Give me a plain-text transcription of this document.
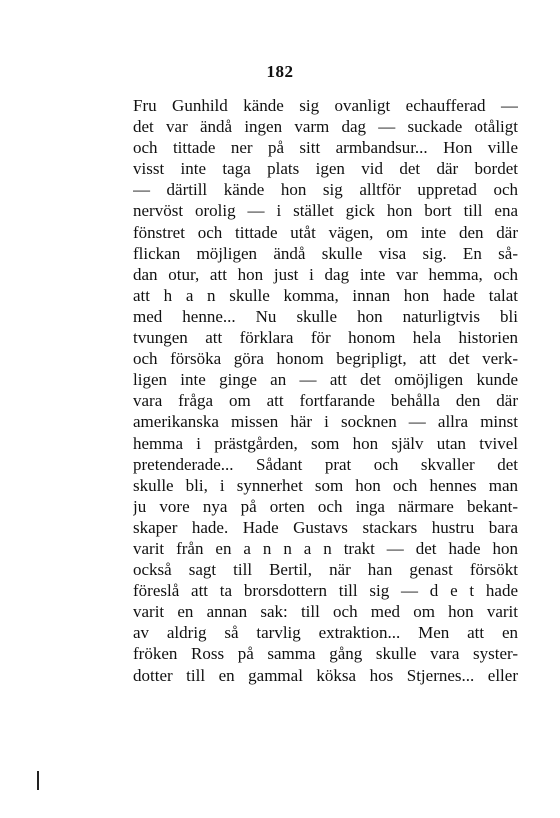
182
Fru Gunhild kände sig ovanligt echaufferad —
det var ändå ingen varm dag — suckade otåligt
och tittade ner på sitt armbandsur... Hon ville
visst inte taga plats igen vid det där bordet
— därtill kände hon sig alltför uppretad och
nervöst orolig — i stället gick hon bort till ena
fönstret och tittade utåt vägen, om inte den där
flickan möjligen ändå skulle visa sig. En så-
dan otur, att hon just i dag inte var hemma, och
att h a n skulle komma, innan hon hade talat
med henne... Nu skulle hon naturligtvis bli
tvungen att förklara för honom hela historien
och försöka göra honom begripligt, att det verk-
ligen inte ginge an — att det omöjligen kunde
vara fråga om att fortfarande behålla den där
amerikanska missen här i socknen — allra minst
hemma i prästgården, som hon själv utan tvivel
pretenderade... Sådant prat och skvaller det
skulle bli, i synnerhet som hon och hennes man
ju vore nya på orten och inga närmare bekant-
skaper hade. Hade Gustavs stackars hustru bara
varit från en a n n a n trakt — det hade hon
också sagt till Bertil, när han genast försökt
föreslå att ta brorsdottern till sig — d e t hade
varit en annan sak: till och med om hon varit
av aldrig så tarvlig extraktion... Men att en
fröken Ross på samma gång skulle vara syster-
dotter till en gammal köksa hos Stjernes... eller
